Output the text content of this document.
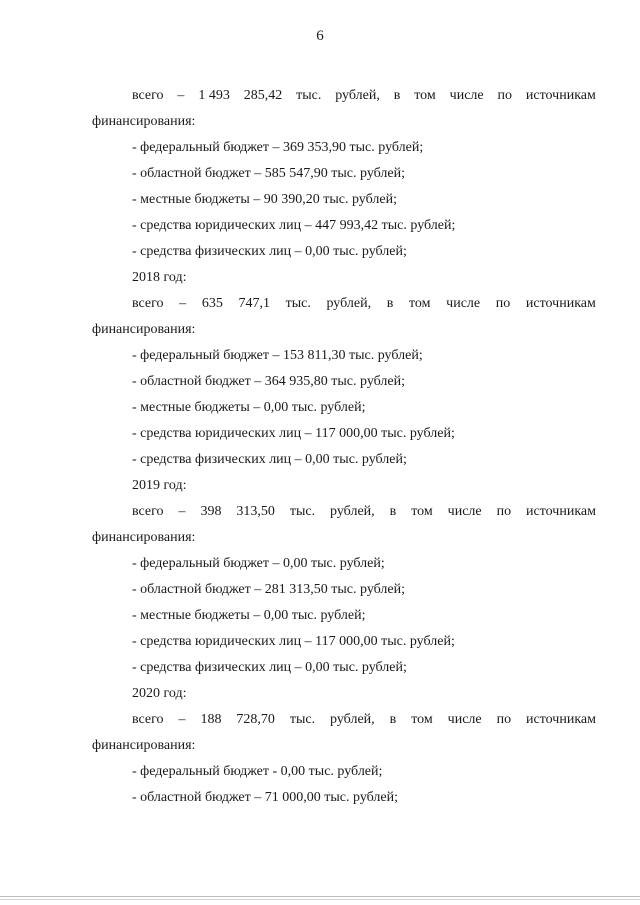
6
всего – 1 493 285,42 тыс. рублей, в том числе по источникам
финансирования:
- федеральный бюджет – 369 353,90 тыс. рублей;
- областной бюджет – 585 547,90 тыс. рублей;
- местные бюджеты – 90 390,20 тыс. рублей;
- средства юридических лиц – 447 993,42 тыс. рублей;
- средства физических лиц – 0,00 тыс. рублей;
2018 год:
всего – 635 747,1 тыс. рублей, в том числе по источникам
финансирования:
- федеральный бюджет – 153 811,30 тыс. рублей;
- областной бюджет – 364 935,80 тыс. рублей;
- местные бюджеты – 0,00 тыс. рублей;
- средства юридических лиц – 117 000,00 тыс. рублей;
- средства физических лиц – 0,00 тыс. рублей;
2019 год:
всего – 398 313,50 тыс. рублей, в том числе по источникам
финансирования:
- федеральный бюджет – 0,00 тыс. рублей;
- областной бюджет – 281 313,50 тыс. рублей;
- местные бюджеты – 0,00 тыс. рублей;
- средства юридических лиц – 117 000,00 тыс. рублей;
- средства физических лиц – 0,00 тыс. рублей;
2020 год:
всего – 188 728,70 тыс. рублей, в том числе по источникам
финансирования:
- федеральный бюджет - 0,00 тыс. рублей;
- областной бюджет – 71 000,00 тыс. рублей;
